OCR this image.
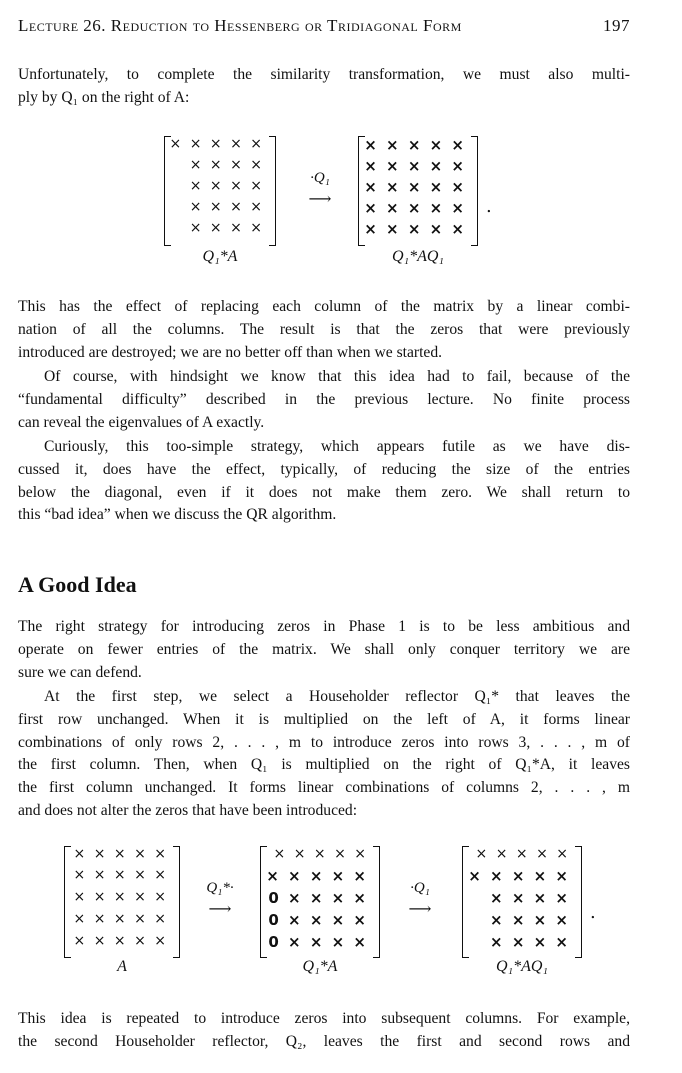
Lecture 26. Reduction to Hessenberg or Tridiagonal Form	197
Unfortunately, to complete the similarity transformation, we must also multi-
ply by Q₁ on the right of A:
× × × × ×
× × × ×
× × × ×
× × × ×
× × × ×
Q₁*A
·Q₁
⟶
× × × × ×
× × × × ×
× × × × ×
× × × × ×
× × × × ×
.
Q₁*AQ₁
This has the effect of replacing each column of the matrix by a linear combi-
nation of all the columns. The result is that the zeros that were previously
introduced are destroyed; we are no better off than when we started.
Of course, with hindsight we know that this idea had to fail, because of the
“fundamental difficulty” described in the previous lecture. No finite process
can reveal the eigenvalues of A exactly.
Curiously, this too-simple strategy, which appears futile as we have dis-
cussed it, does have the effect, typically, of reducing the size of the entries
below the diagonal, even if it does not make them zero. We shall return to
this “bad idea” when we discuss the QR algorithm.
A Good Idea
The right strategy for introducing zeros in Phase 1 is to be less ambitious and
operate on fewer entries of the matrix. We shall only conquer territory we are
sure we can defend.
At the first step, we select a Householder reflector Q₁* that leaves the
first row unchanged. When it is multiplied on the left of A, it forms linear
combinations of only rows 2, . . . , m to introduce zeros into rows 3, . . . , m of
the first column. Then, when Q₁ is multiplied on the right of Q₁*A, it leaves
the first column unchanged. It forms linear combinations of columns 2, . . . , m
and does not alter the zeros that have been introduced:
× × × × ×
× × × × ×
× × × × ×
× × × × ×
× × × × ×
A
Q₁*·
⟶
× × × × ×
× × × × ×
0 × × × ×
0 × × × ×
0 × × × ×
Q₁*A
·Q₁
⟶
× × × × ×
× × × × ×
× × × ×
× × × ×
× × × ×
.
Q₁*AQ₁
This idea is repeated to introduce zeros into subsequent columns. For example,
the second Householder reflector, Q₂, leaves the first and second rows and
